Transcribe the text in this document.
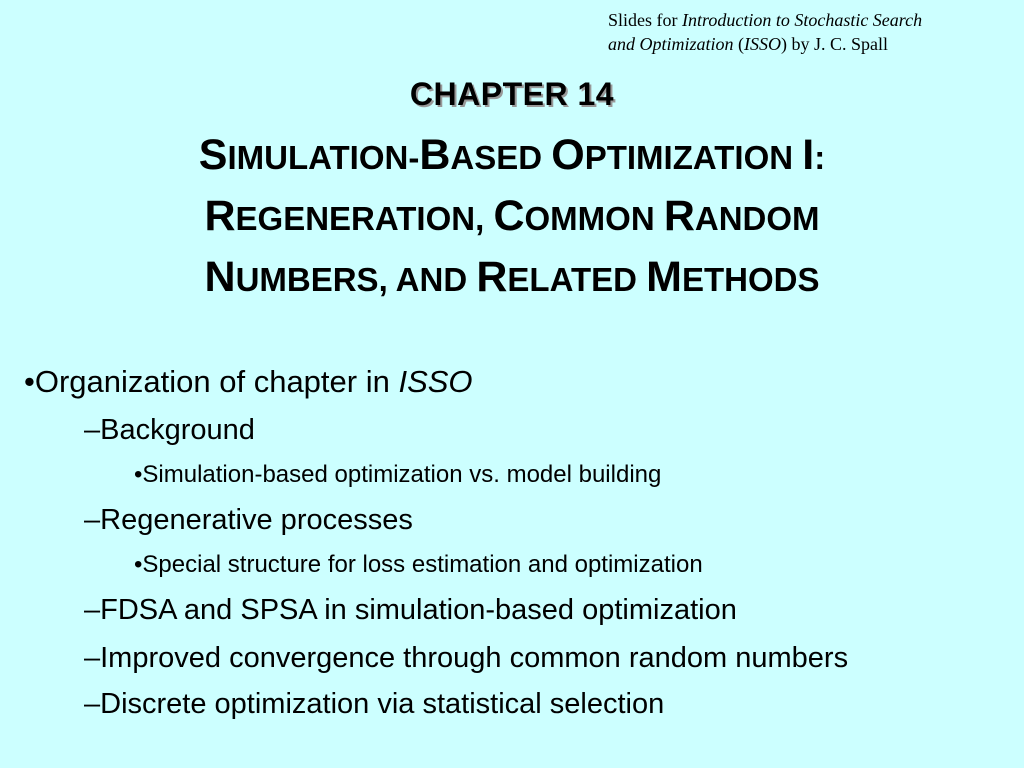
Slides for Introduction to Stochastic Search
and Optimization (ISSO) by J. C. Spall
CHAPTER 14
SIMULATION-BASED OPTIMIZATION I:
REGENERATION, COMMON RANDOM
NUMBERS, AND RELATED METHODS
•Organization of chapter in ISSO
–Background
•Simulation-based optimization vs. model building
–Regenerative processes
•Special structure for loss estimation and optimization
–FDSA and SPSA in simulation-based optimization
–Improved convergence through common random numbers
–Discrete optimization via statistical selection
